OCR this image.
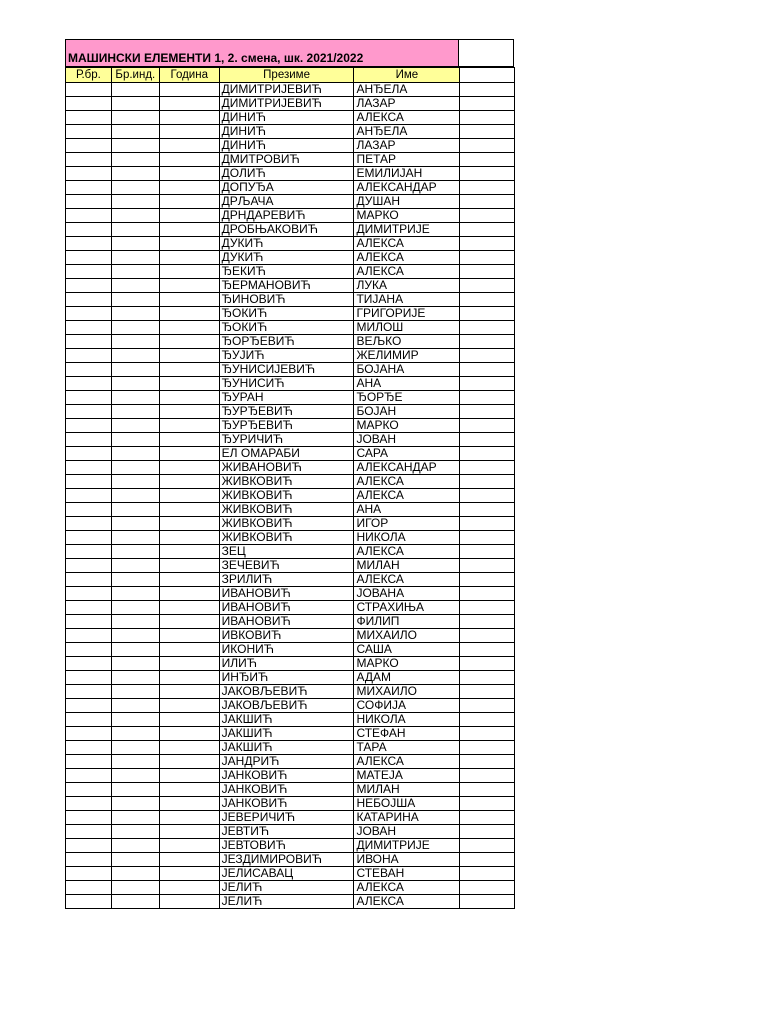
МАШИНСКИ ЕЛЕМЕНТИ 1, 2. смена, шк. 2021/2022
Р.бр.	Бр.инд.	Година	Презиме	Име	
			ДИМИТРИЈЕВИЋ	АНЂЕЛА	
			ДИМИТРИЈЕВИЋ	ЛАЗАР	
			ДИНИЋ	АЛЕКСА	
			ДИНИЋ	АНЂЕЛА	
			ДИНИЋ	ЛАЗАР	
			ДМИТРОВИЋ	ПЕТАР	
			ДОЛИЋ	ЕМИЛИЈАН	
			ДОПУЂА	АЛЕКСАНДАР	
			ДРЉАЧА	ДУШАН	
			ДРНДАРЕВИЋ	МАРКО	
			ДРОБЊАКОВИЋ	ДИМИТРИЈЕ	
			ДУКИЋ	АЛЕКСА	
			ДУКИЋ	АЛЕКСА	
			ЂЕКИЋ	АЛЕКСА	
			ЂЕРМАНОВИЋ	ЛУКА	
			ЂИНОВИЋ	ТИЈАНА	
			ЂОКИЋ	ГРИГОРИЈЕ	
			ЂОКИЋ	МИЛОШ	
			ЂОРЂЕВИЋ	ВЕЉКО	
			ЂУЈИЋ	ЖЕЛИМИР	
			ЂУНИСИЈЕВИЋ	БОЈАНА	
			ЂУНИСИЋ	АНА	
			ЂУРАН	ЂОРЂЕ	
			ЂУРЂЕВИЋ	БОЈАН	
			ЂУРЂЕВИЋ	МАРКО	
			ЂУРИЧИЋ	ЈОВАН	
			ЕЛ ОМАРАБИ	САРА	
			ЖИВАНОВИЋ	АЛЕКСАНДАР	
			ЖИВКОВИЋ	АЛЕКСА	
			ЖИВКОВИЋ	АЛЕКСА	
			ЖИВКОВИЋ	АНА	
			ЖИВКОВИЋ	ИГОР	
			ЖИВКОВИЋ	НИКОЛА	
			ЗЕЦ	АЛЕКСА	
			ЗЕЧЕВИЋ	МИЛАН	
			ЗРИЛИЋ	АЛЕКСА	
			ИВАНОВИЋ	ЈОВАНА	
			ИВАНОВИЋ	СТРАХИЊА	
			ИВАНОВИЋ	ФИЛИП	
			ИВКОВИЋ	МИХАИЛО	
			ИКОНИЋ	САША	
			ИЛИЋ	МАРКО	
			ИНЂИЋ	АДАМ	
			ЈАКОВЉЕВИЋ	МИХАИЛО	
			ЈАКОВЉЕВИЋ	СОФИЈА	
			ЈАКШИЋ	НИКОЛА	
			ЈАКШИЋ	СТЕФАН	
			ЈАКШИЋ	ТАРА	
			ЈАНДРИЋ	АЛЕКСА	
			ЈАНКОВИЋ	МАТЕЈА	
			ЈАНКОВИЋ	МИЛАН	
			ЈАНКОВИЋ	НЕБОЈША	
			ЈЕВЕРИЧИЋ	КАТАРИНА	
			ЈЕВТИЋ	ЈОВАН	
			ЈЕВТОВИЋ	ДИМИТРИЈЕ	
			ЈЕЗДИМИРОВИЋ	ИВОНА	
			ЈЕЛИСАВАЦ	СТЕВАН	
			ЈЕЛИЋ	АЛЕКСА	
			ЈЕЛИЋ	АЛЕКСА	
